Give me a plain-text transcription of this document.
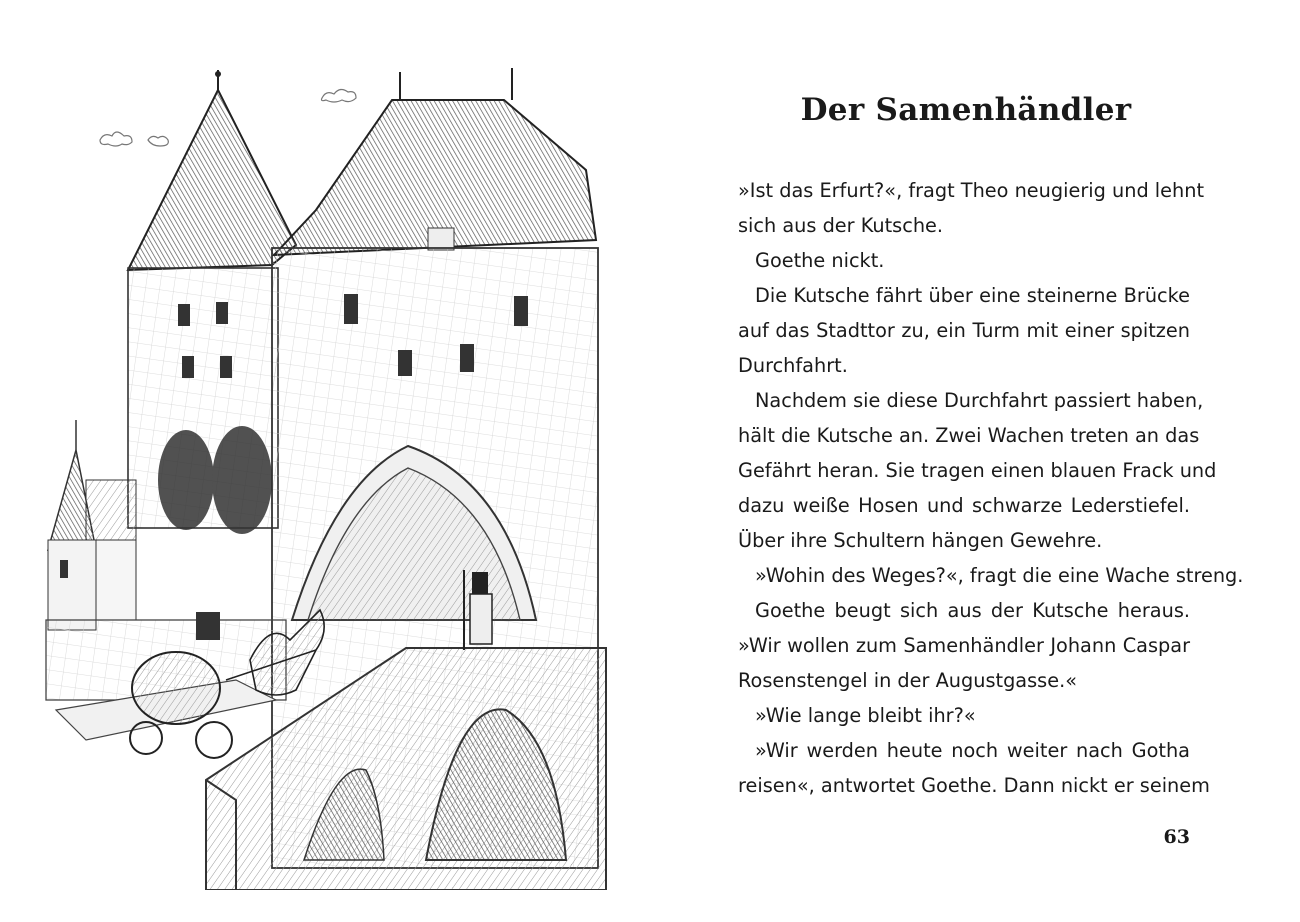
Der Samenhändler
»Ist das Erfurt?«, fragt Theo neugierig und lehnt
sich aus der Kutsche.
Goethe nickt.
Die Kutsche fährt über eine steinerne Brücke
auf das Stadttor zu, ein Turm mit einer spitzen
Durchfahrt.
Nachdem sie diese Durchfahrt passiert haben,
hält die Kutsche an. Zwei Wachen treten an das
Gefährt heran. Sie tragen einen blauen Frack und
dazu weiße Hosen und schwarze Lederstiefel.
Über ihre Schultern hängen Gewehre.
»Wohin des Weges?«, fragt die eine Wache streng.
Goethe beugt sich aus der Kutsche heraus.
»Wir wollen zum Samenhändler Johann Caspar
Rosenstengel in der Augustgasse.«
»Wie lange bleibt ihr?«
»Wir werden heute noch weiter nach Gotha
reisen«, antwortet Goethe. Dann nickt er seinem
63
